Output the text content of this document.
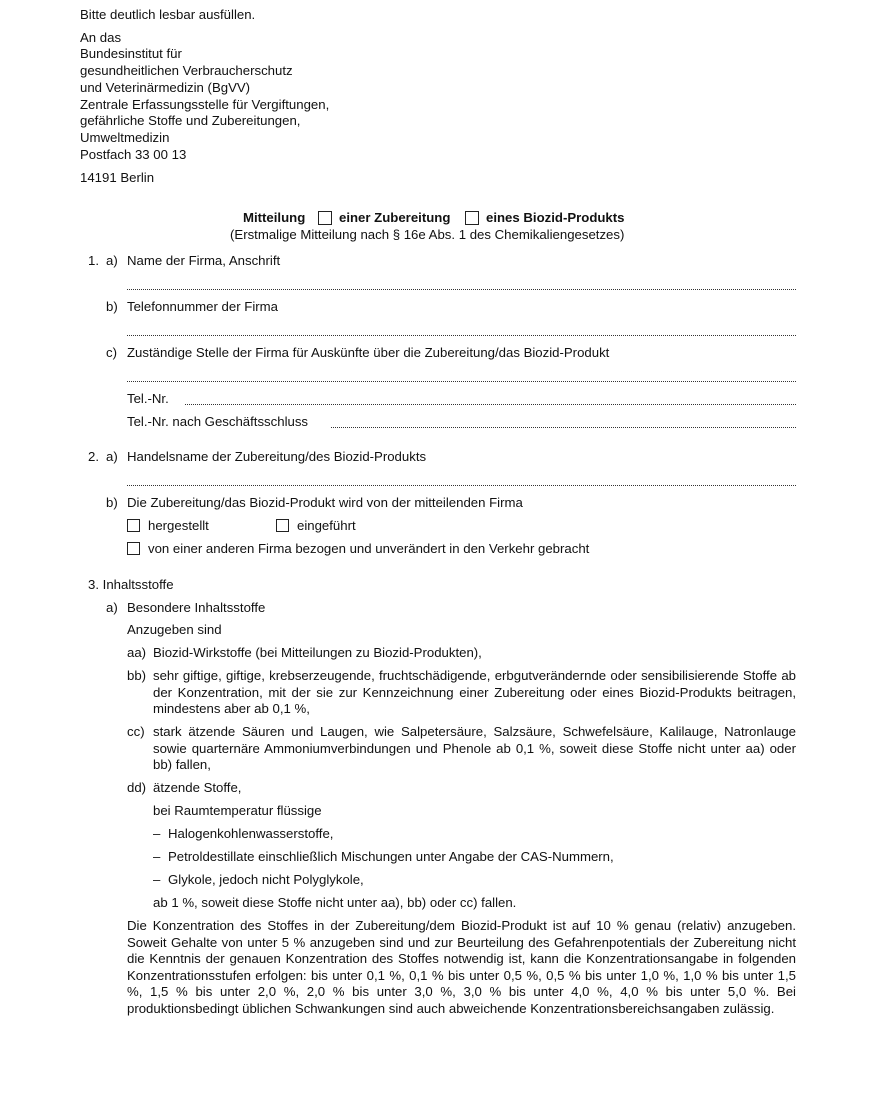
Bitte deutlich lesbar ausfüllen.
An das
Bundesinstitut für
gesundheitlichen Verbraucherschutz
und Veterinärmedizin (BgVV)
Zentrale Erfassungsstelle für Vergiftungen,
gefährliche Stoffe und Zubereitungen,
Umweltmedizin
Postfach 33 00 13
14191 Berlin
Mitteilung	einer Zubereitung	eines Biozid-Produkts
(Erstmalige Mitteilung nach § 16e Abs. 1 des Chemikaliengesetzes)
1. a) Name der Firma, Anschrift
b) Telefonnummer der Firma
c) Zuständige Stelle der Firma für Auskünfte über die Zubereitung/das Biozid-Produkt
Tel.-Nr.
Tel.-Nr. nach Geschäftsschluss
2. a) Handelsname der Zubereitung/des Biozid-Produkts
b) Die Zubereitung/das Biozid-Produkt wird von der mitteilenden Firma
hergestellt	eingeführt
von einer anderen Firma bezogen und unverändert in den Verkehr gebracht
3. Inhaltsstoffe
a) Besondere Inhaltsstoffe
Anzugeben sind
aa) Biozid-Wirkstoffe (bei Mitteilungen zu Biozid-Produkten),
bb) sehr giftige, giftige, krebserzeugende, fruchtschädigende, erbgutverändernde oder sensibilisierende Stoffe ab der Konzentration, mit der sie zur Kennzeichnung einer Zubereitung oder eines Biozid-Produkts beitragen, mindestens aber ab 0,1 %,
cc) stark ätzende Säuren und Laugen, wie Salpetersäure, Salzsäure, Schwefelsäure, Kalilauge, Natronlauge sowie quarternäre Ammoniumverbindungen und Phenole ab 0,1 %, soweit diese Stoffe nicht unter aa) oder bb) fallen,
dd) ätzende Stoffe,
bei Raumtemperatur flüssige
– Halogenkohlenwasserstoffe,
– Petroldestillate einschließlich Mischungen unter Angabe der CAS-Nummern,
– Glykole, jedoch nicht Polyglykole,
ab 1 %, soweit diese Stoffe nicht unter aa), bb) oder cc) fallen.
Die Konzentration des Stoffes in der Zubereitung/dem Biozid-Produkt ist auf 10 % genau (relativ) anzugeben. Soweit Gehalte von unter 5 % anzugeben sind und zur Beurteilung des Gefahrenpotentials der Zubereitung nicht die Kenntnis der genauen Konzentration des Stoffes notwendig ist, kann die Konzentrationsangabe in folgenden Konzentrationsstufen erfolgen: bis unter 0,1 %, 0,1 % bis unter 0,5 %, 0,5 % bis unter 1,0 %, 1,0 % bis unter 1,5 %, 1,5 % bis unter 2,0 %, 2,0 % bis unter 3,0 %, 3,0 % bis unter 4,0 %, 4,0 % bis unter 5,0 %. Bei produktionsbedingt üblichen Schwankungen sind auch abweichende Konzentrationsbereichsangaben zulässig.
